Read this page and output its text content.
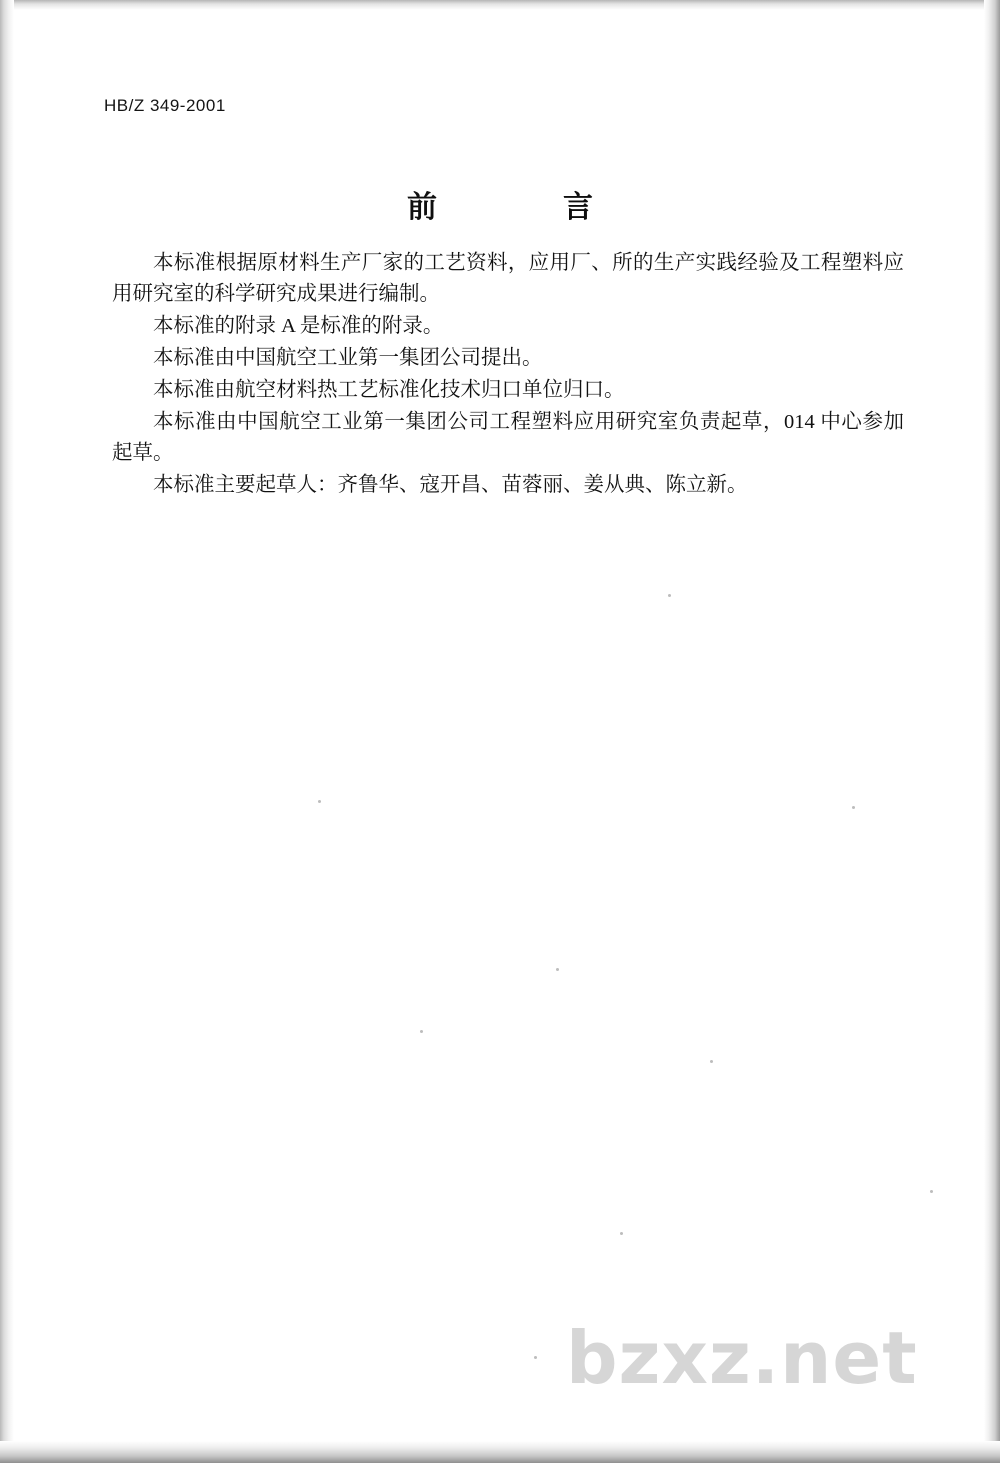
HB/Z 349-2001
前　　言

本标准根据原材料生产厂家的工艺资料，应用厂、所的生产实践经验及工程塑料应用研究室的科学研究成果进行编制。

本标准的附录 A 是标准的附录。

本标准由中国航空工业第一集团公司提出。

本标准由航空材料热工艺标准化技术归口单位归口。

本标准由中国航空工业第一集团公司工程塑料应用研究室负责起草，014 中心参加起草。

本标准主要起草人：齐鲁华、寇开昌、苗蓉丽、姜从典、陈立新。

bzxz.net
